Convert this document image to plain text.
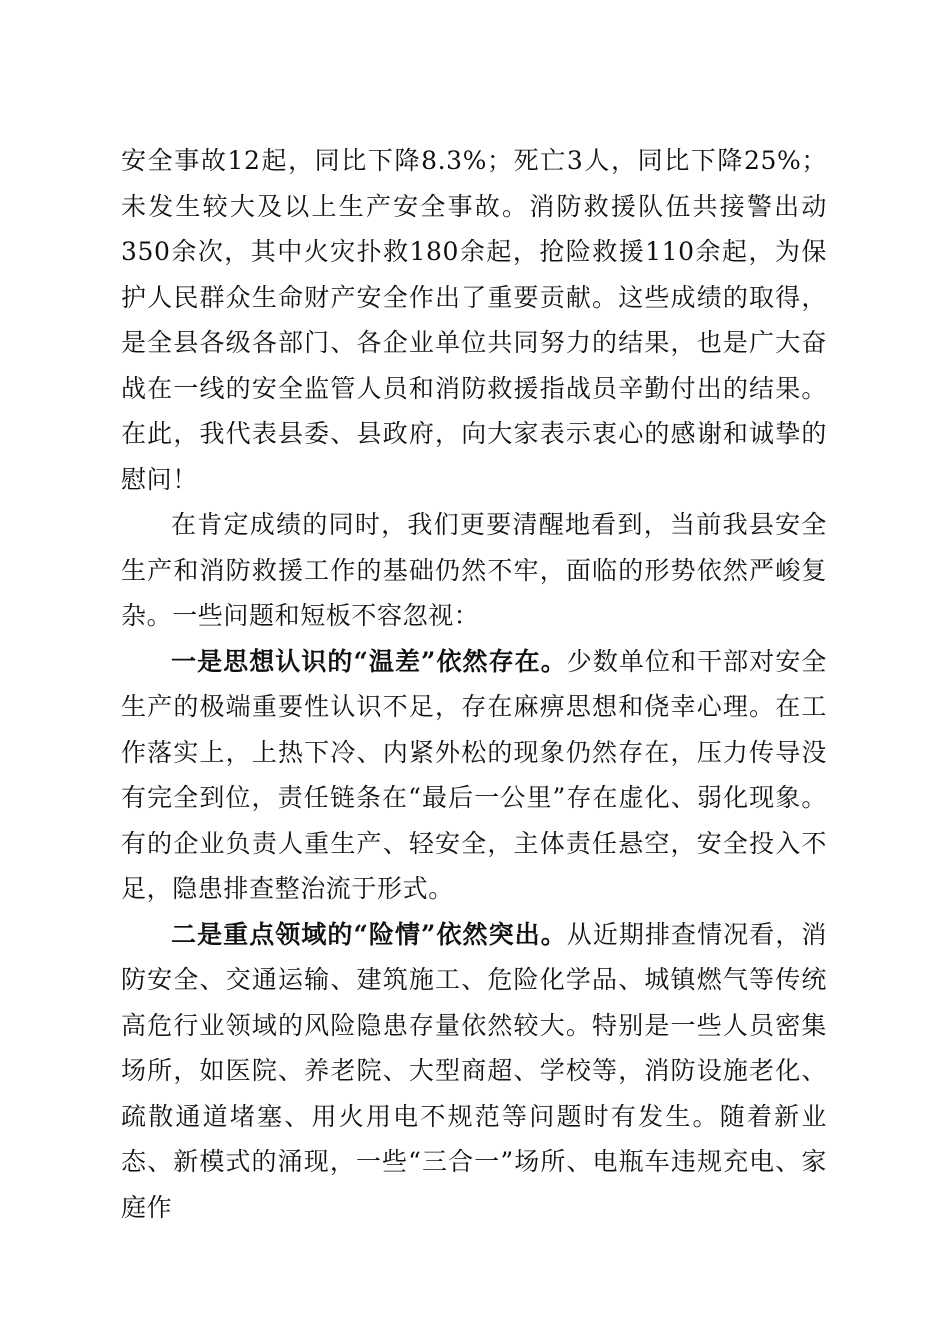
安全事故12起，同比下降8.3%；死亡3人，同比下降25%；未发生较大及以上生产安全事故。消防救援队伍共接警出动350余次，其中火灾扑救180余起，抢险救援110余起，为保护人民群众生命财产安全作出了重要贡献。这些成绩的取得，是全县各级各部门、各企业单位共同努力的结果，也是广大奋战在一线的安全监管人员和消防救援指战员辛勤付出的结果。在此，我代表县委、县政府，向大家表示衷心的感谢和诚挚的慰问！

在肯定成绩的同时，我们更要清醒地看到，当前我县安全生产和消防救援工作的基础仍然不牢，面临的形势依然严峻复杂。一些问题和短板不容忽视：

一是思想认识的“温差”依然存在。少数单位和干部对安全生产的极端重要性认识不足，存在麻痹思想和侥幸心理。在工作落实上，上热下冷、内紧外松的现象仍然存在，压力传导没有完全到位，责任链条在“最后一公里”存在虚化、弱化现象。有的企业负责人重生产、轻安全，主体责任悬空，安全投入不足，隐患排查整治流于形式。

二是重点领域的“险情”依然突出。从近期排查情况看，消防安全、交通运输、建筑施工、危险化学品、城镇燃气等传统高危行业领域的风险隐患存量依然较大。特别是一些人员密集场所，如医院、养老院、大型商超、学校等，消防设施老化、疏散通道堵塞、用火用电不规范等问题时有发生。随着新业态、新模式的涌现，一些“三合一”场所、电瓶车违规充电、家庭作
